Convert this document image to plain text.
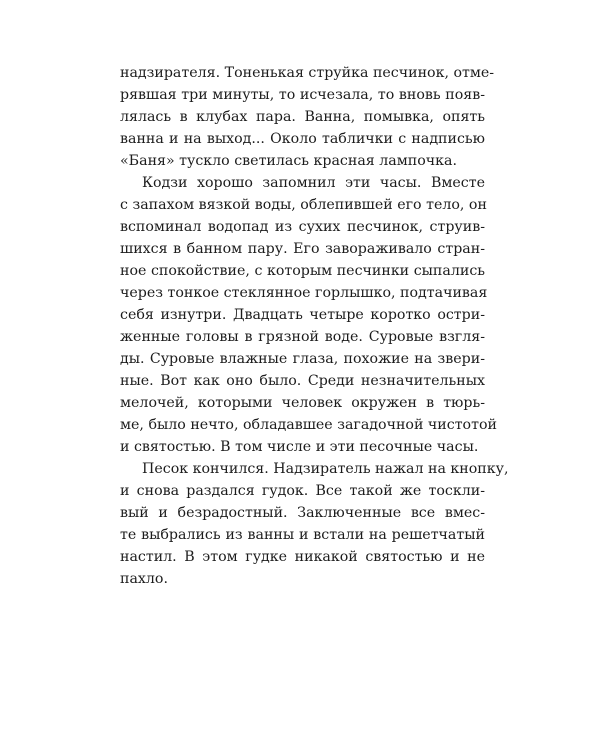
надзирателя. Тоненькая струйка песчинок, отме-
рявшая три минуты, то исчезала, то вновь появ-
лялась в клубах пара. Ванна, помывка, опять
ванна и на выход... Около таблички с надписью
«Баня» тускло светилась красная лампочка.

Кодзи хорошо запомнил эти часы. Вместе
с запахом вязкой воды, облепившей его тело, он
вспоминал водопад из сухих песчинок, струив-
шихся в банном пару. Его завораживало стран-
ное спокойствие, с которым песчинки сыпались
через тонкое стеклянное горлышко, подтачивая
себя изнутри. Двадцать четыре коротко остри-
женные головы в грязной воде. Суровые взгля-
ды. Суровые влажные глаза, похожие на звери-
ные. Вот как оно было. Среди незначительных
мелочей, которыми человек окружен в тюрь-
ме, было нечто, обладавшее загадочной чистотой
и святостью. В том числе и эти песочные часы.

Песок кончился. Надзиратель нажал на кнопку,
и снова раздался гудок. Все такой же тоскли-
вый и безрадостный. Заключенные все вмес-
те выбрались из ванны и встали на решетчатый
настил. В этом гудке никакой святостью и не
пахло.
